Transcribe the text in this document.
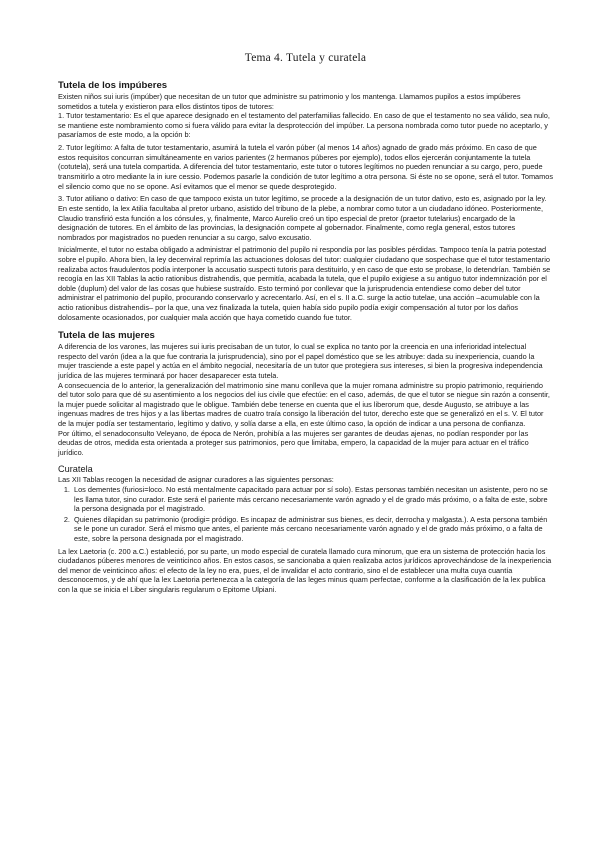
Tema 4. Tutela y curatela
Tutela de los impúberes

Existen niños sui iuris (impúber) que necesitan de un tutor que administre su patrimonio y los mantenga. Llamamos pupilos a estos impúberes sometidos a tutela y existieron para ellos distintos tipos de tutores:

1. Tutor testamentario: Es el que aparece designado en el testamento del paterfamilias fallecido. En caso de que el testamento no sea válido, sea nulo, se mantiene este nombramiento como si fuera válido para evitar la desprotección del impúber. La persona nombrada como tutor puede no aceptarlo, y pasaríamos de este modo, a la opción b:

2. Tutor legítimo: A falta de tutor testamentario, asumirá la tutela el varón púber (al menos 14 años) agnado de grado más próximo. En caso de que estos requisitos concurran simultáneamente en varios parientes (2 hermanos púberes por ejemplo), todos ellos ejercerán conjuntamente la tutela (cotutela), será una tutela compartida. A diferencia del tutor testamentario, este tutor o tutores legítimos no pueden renunciar a su cargo, pero, puede transmitirlo a otro mediante la in iure cessio. Podemos pasarle la condición de tutor legítimo a otra persona. Si éste no se opone, será el tutor. Tomamos el silencio como que no se opone. Así evitamos que el menor se quede desprotegido.

3. Tutor atiliano o dativo: En caso de que tampoco exista un tutor legítimo, se procede a la designación de un tutor dativo, esto es, asignado por la ley. En este sentido, la lex Atilia facultaba al pretor urbano, asistido del tribuno de la plebe, a nombrar como tutor a un ciudadano idóneo. Posteriormente, Claudio transfirió esta función a los cónsules, y, finalmente, Marco Aurelio creó un tipo especial de pretor (praetor tutelarius) encargado de la designación de tutores. En el ámbito de las provincias, la designación compete al gobernador. Finalmente, como regla general, estos tutores nombrados por magistrados no pueden renunciar a su cargo, salvo excusatio.

Inicialmente, el tutor no estaba obligado a administrar el patrimonio del pupilo ni respondía por las posibles pérdidas. Tampoco tenía la patria potestad sobre el pupilo. Ahora bien, la ley decenviral reprimía las actuaciones dolosas del tutor: cualquier ciudadano que sospechase que el tutor testamentario realizaba actos fraudulentos podía interponer la accusatio suspecti tutoris para destituirlo, y en caso de que esto se probase, lo detendrían. También se recogía en las XII Tablas la actio rationibus distrahendis, que permitía, acabada la tutela, que el pupilo exigiese a su antiguo tutor indemnización por el doble (duplum) del valor de las cosas que hubiese sustraído. Esto terminó por conllevar que la jurisprudencia entendiese como deber del tutor administrar el patrimonio del pupilo, procurando conservarlo y acrecentarlo. Así, en el s. II a.C. surge la actio tutelae, una acción –acumulable con la actio rationibus distrahendis– por la que, una vez finalizada la tutela, quien había sido pupilo podía exigir compensación al tutor por los daños dolosamente ocasionados, por cualquier mala acción que haya cometido cuando fue tutor.

Tutela de las mujeres

A diferencia de los varones, las mujeres sui iuris precisaban de un tutor, lo cual se explica no tanto por la creencia en una inferioridad intelectual respecto del varón (idea a la que fue contraria la jurisprudencia), sino por el papel doméstico que se les atribuye: dada su inexperiencia, cuando la mujer trasciende a este papel y actúa en el ámbito negocial, necesitaría de un tutor que protegiera sus intereses, si bien la progresiva independencia jurídica de las mujeres terminará por hacer desaparecer esta tutela.

A consecuencia de lo anterior, la generalización del matrimonio sine manu conlleva que la mujer romana administre su propio patrimonio, requiriendo del tutor solo para que dé su asentimiento a los negocios del ius civile que efectúe: en el caso, además, de que el tutor se niegue sin razón a consentir, la mujer puede solicitar al magistrado que le obligue. También debe tenerse en cuenta que el ius liberorum que, desde Augusto, se atribuye a las ingenuas madres de tres hijos y a las libertas madres de cuatro traía consigo la liberación del tutor, derecho este que se generalizó en el s. V. El tutor de la mujer podía ser testamentario, legítimo y dativo, y solía darse a ella, en este último caso, la opción de indicar a una persona de confianza.

Por último, el senadoconsulto Veleyano, de época de Nerón, prohibía a las mujeres ser garantes de deudas ajenas, no podían responder por las deudas de otros, medida esta orientada a proteger sus patrimonios, pero que limitaba, empero, la capacidad de la mujer para actuar en el tráfico jurídico.

Curatela

Las XII Tablas recogen la necesidad de asignar curadores a las siguientes personas:

1. Los dementes (furiosi=loco. No está mentalmente capacitado para actuar por sí solo). Estas personas también necesitan un asistente, pero no se les llama tutor, sino curador. Este será el pariente más cercano necesariamente varón agnado y el de grado más próximo, o a falta de este, sobre la persona designada por el magistrado.
2. Quienes dilapidan su patrimonio (prodigi= pródigo. Es incapaz de administrar sus bienes, es decir, derrocha y malgasta.). A esta persona también se le pone un curador. Será el mismo que antes, el pariente más cercano necesariamente varón agnado y el de grado más próximo, o a falta de este, sobre la persona designada por el magistrado.

La lex Laetoria (c. 200 a.C.) estableció, por su parte, un modo especial de curatela llamado cura minorum, que era un sistema de protección hacia los ciudadanos púberes menores de veinticinco años. En estos casos, se sancionaba a quien realizaba actos jurídicos aprovechándose de la inexperiencia del menor de veinticinco años: el efecto de la ley no era, pues, el de invalidar el acto contrario, sino el de establecer una multa cuya cuantía desconocemos, y de ahí que la lex Laetoria pertenezca a la categoría de las leges minus quam perfectae, conforme a la clasificación de la lex publica con la que se inicia el Liber singularis regularum o Epitome Ulpiani.
